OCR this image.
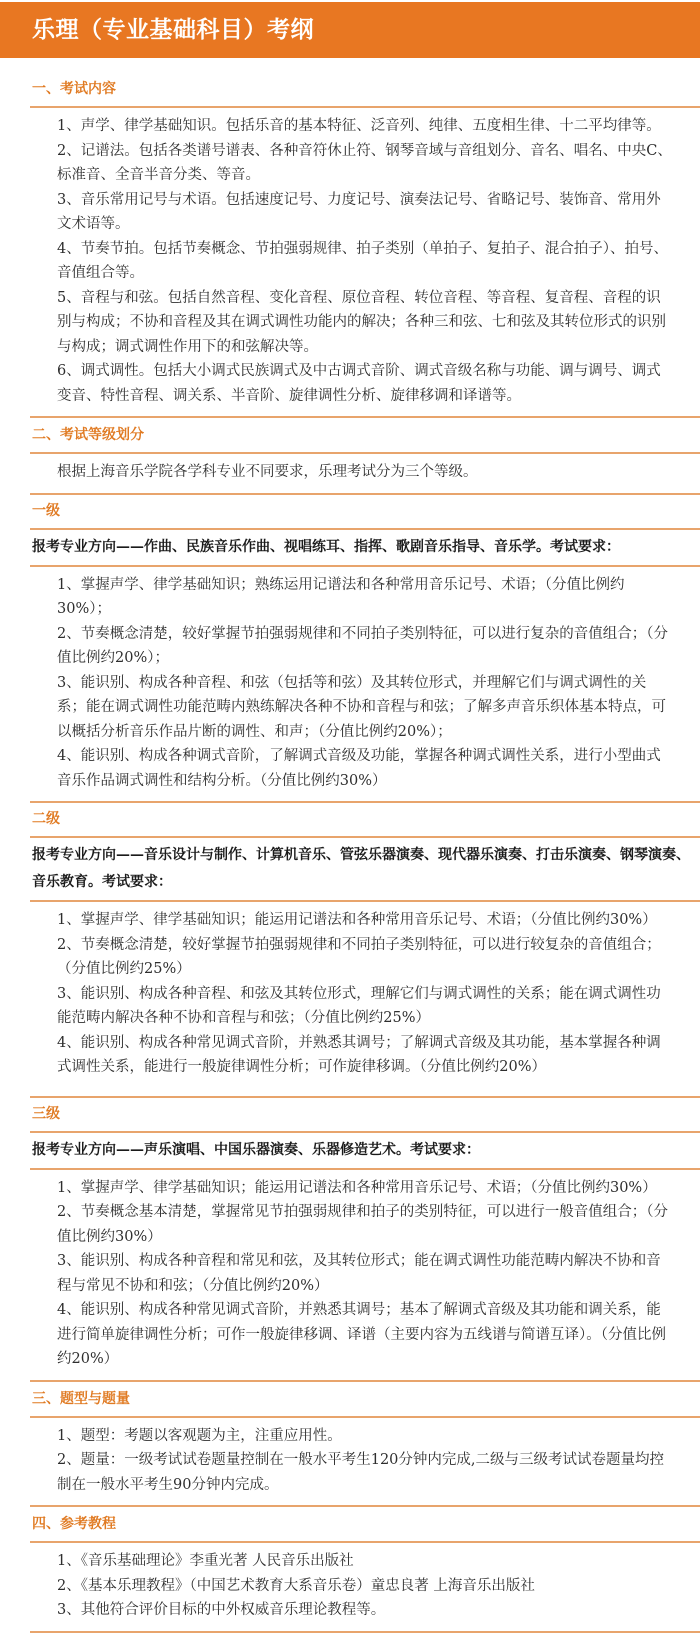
乐理（专业基础科目）考纲
一、考试内容

1、声学、律学基础知识。包括乐音的基本特征、泛音列、纯律、五度相生律、十二平均律等。

2、记谱法。包括各类谱号谱表、各种音符休止符、钢琴音域与音组划分、音名、唱名、中央C、标准音、全音半音分类、等音。

3、音乐常用记号与术语。包括速度记号、力度记号、演奏法记号、省略记号、装饰音、常用外文术语等。

4、节奏节拍。包括节奏概念、节拍强弱规律、拍子类别（单拍子、复拍子、混合拍子）、拍号、音值组合等。

5、音程与和弦。包括自然音程、变化音程、原位音程、转位音程、等音程、复音程、音程的识别与构成；不协和音程及其在调式调性功能内的解决；各种三和弦、七和弦及其转位形式的识别与构成；调式调性作用下的和弦解决等。

6、调式调性。包括大小调式民族调式及中古调式音阶、调式音级名称与功能、调与调号、调式变音、特性音程、调关系、半音阶、旋律调性分析、旋律移调和译谱等。

二、考试等级划分

根据上海音乐学院各学科专业不同要求，乐理考试分为三个等级。

一级
报考专业方向——作曲、民族音乐作曲、视唱练耳、指挥、歌剧音乐指导、音乐学。考试要求：

1、掌握声学、律学基础知识；熟练运用记谱法和各种常用音乐记号、术语；（分值比例约30%）；

2、节奏概念清楚，较好掌握节拍强弱规律和不同拍子类别特征，可以进行复杂的音值组合；（分值比例约20%）；

3、能识别、构成各种音程、和弦（包括等和弦）及其转位形式，并理解它们与调式调性的关系；能在调式调性功能范畴内熟练解决各种不协和音程与和弦；了解多声音乐织体基本特点，可以概括分析音乐作品片断的调性、和声；（分值比例约20%）；

4、能识别、构成各种调式音阶，了解调式音级及功能，掌握各种调式调性关系，进行小型曲式音乐作品调式调性和结构分析。（分值比例约30%）

二级
报考专业方向——音乐设计与制作、计算机音乐、管弦乐器演奏、现代器乐演奏、打击乐演奏、钢琴演奏、音乐教育。考试要求：

1、掌握声学、律学基础知识；能运用记谱法和各种常用音乐记号、术语；（分值比例约30%）

2、节奏概念清楚，较好掌握节拍强弱规律和不同拍子类别特征，可以进行较复杂的音值组合；（分值比例约25%）

3、能识别、构成各种音程、和弦及其转位形式，理解它们与调式调性的关系；能在调式调性功能范畴内解决各种不协和音程与和弦；（分值比例约25%）

4、能识别、构成各种常见调式音阶，并熟悉其调号；了解调式音级及其功能，基本掌握各种调式调性关系，能进行一般旋律调性分析；可作旋律移调。（分值比例约20%）

三级
报考专业方向——声乐演唱、中国乐器演奏、乐器修造艺术。考试要求：

1、掌握声学、律学基础知识；能运用记谱法和各种常用音乐记号、术语；（分值比例约30%）

2、节奏概念基本清楚，掌握常见节拍强弱规律和拍子的类别特征，可以进行一般音值组合；（分值比例约30%）

3、能识别、构成各种音程和常见和弦，及其转位形式；能在调式调性功能范畴内解决不协和音程与常见不协和和弦；（分值比例约20%）

4、能识别、构成各种常见调式音阶，并熟悉其调号；基本了解调式音级及其功能和调关系，能进行简单旋律调性分析；可作一般旋律移调、译谱（主要内容为五线谱与简谱互译）。（分值比例约20%）

三、题型与题量

1、题型：考题以客观题为主，注重应用性。

2、题量：一级考试试卷题量控制在一般水平考生120分钟内完成,二级与三级考试试卷题量均控制在一般水平考生90分钟内完成。

四、参考教程

1、《音乐基础理论》李重光著 人民音乐出版社

2、《基本乐理教程》（中国艺术教育大系音乐卷）童忠良著 上海音乐出版社

3、其他符合评价目标的中外权威音乐理论教程等。
